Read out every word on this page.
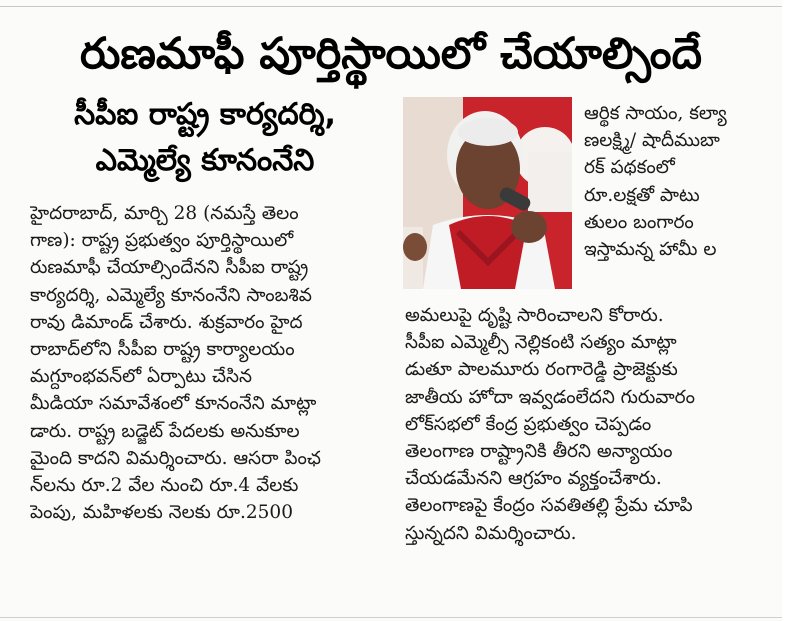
రుణమాఫీ పూర్తిస్థాయిలో చేయాల్సిందే
సీపీఐ రాష్ట్ర కార్యదర్శి,
ఎమ్మెల్యే కూనంనేని
హైదరాబాద్, మార్చి 28 (నమస్తే తెలం
గాణ): రాష్ట్ర ప్రభుత్వం పూర్తిస్థాయిలో
రుణమాఫీ చేయాల్సిందేనని సీపీఐ రాష్ట్ర
కార్యదర్శి, ఎమ్మెల్యే కూనంనేని సాంబశివ
రావు డిమాండ్ చేశారు. శుక్రవారం హైద
రాబాద్‌లోని సీపీఐ రాష్ట్ర కార్యాలయం
మగ్దూంభవన్‌లో ఏర్పాటు చేసిన
మీడియా సమావేశంలో కూనంనేని మాట్లా
డారు. రాష్ట్ర బడ్జెట్ పేదలకు అనుకూల
మైంది కాదని విమర్శించారు. ఆసరా పింఛ
న్‌లను రూ.2 వేల నుంచి రూ.4 వేలకు
పెంపు, మహిళలకు నెలకు రూ.2500
ఆర్థిక సాయం, కల్యా
ణలక్ష్మి/ షాదీముబా
రక్ పథకంలో
రూ.లక్షతో పాటు
తులం బంగారం
ఇస్తామన్న హామీ ల
అమలుపై దృష్టి సారించాలని కోరారు.
సీపీఐ ఎమ్మెల్సీ నెల్లికంటి సత్యం మాట్లా
డుతూ పాలమూరు రంగారెడ్డి ప్రాజెక్టుకు
జాతీయ హోదా ఇవ్వడంలేదని గురువారం
లోక్‌సభలో కేంద్ర ప్రభుత్వం చెప్పడం
తెలంగాణ రాష్ట్రానికి తీరని అన్యాయం
చేయడమేనని ఆగ్రహం వ్యక్తంచేశారు.
తెలంగాణపై కేంద్రం సవతితల్లి ప్రేమ చూపి
స్తున్నదని విమర్శించారు.
